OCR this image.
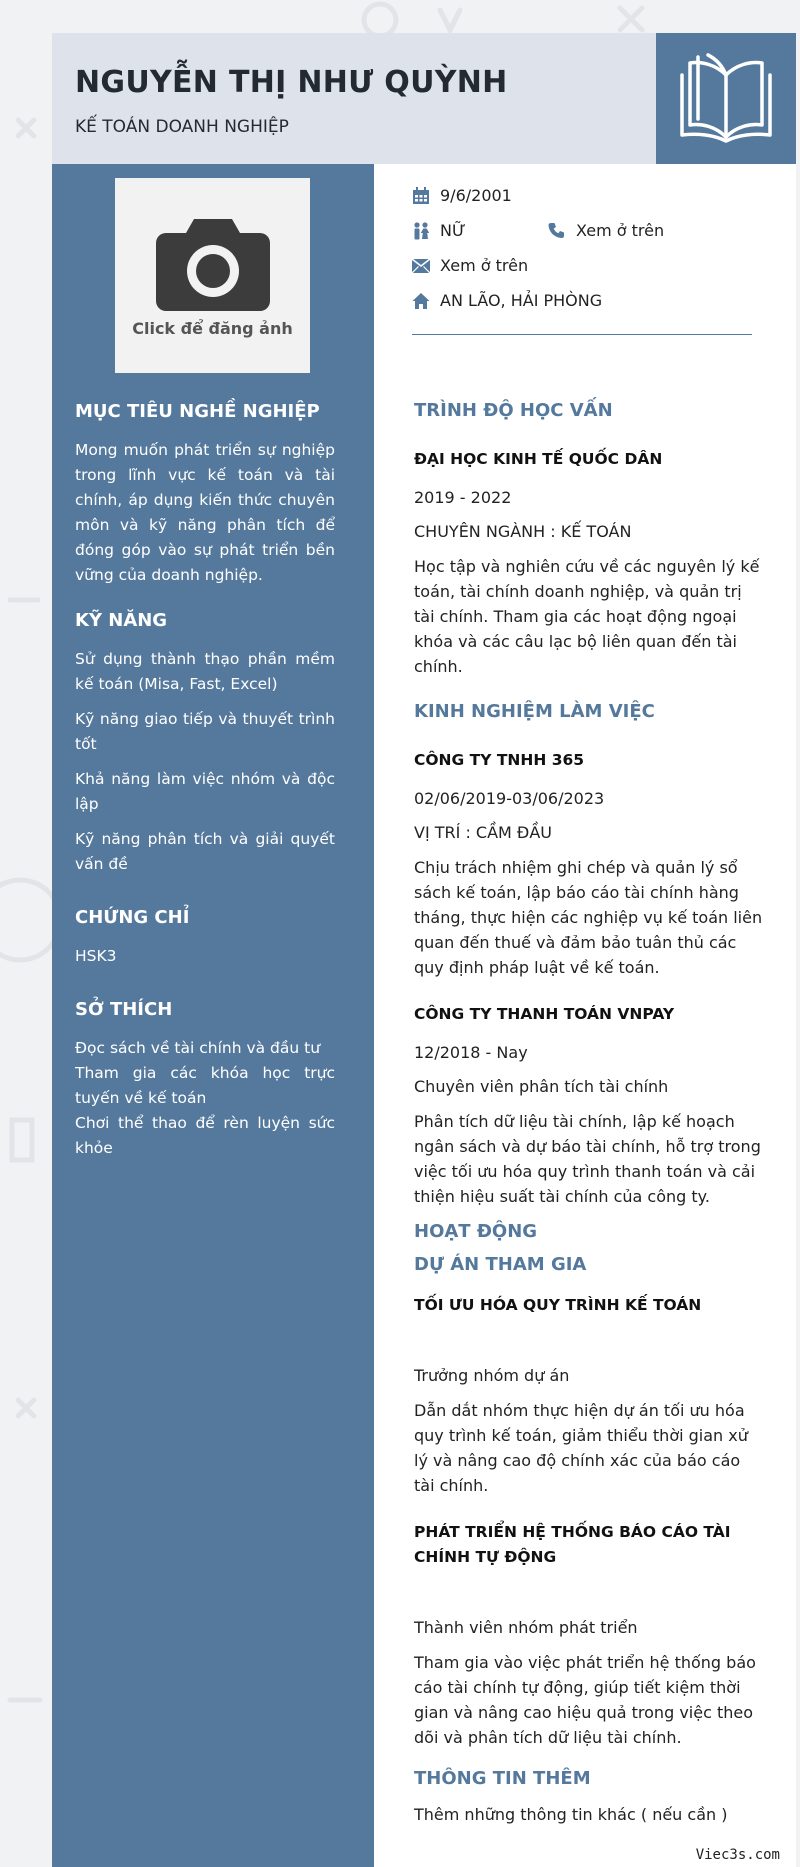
NGUYỄN THỊ NHƯ QUỲNH
KẾ TOÁN DOANH NGHIỆP
Click để đăng ảnh
MỤC TIÊU NGHỀ NGHIỆP
Mong muốn phát triển sự nghiệp trong lĩnh vực kế toán và tài chính, áp dụng kiến thức chuyên môn và kỹ năng phân tích để đóng góp vào sự phát triển bền vững của doanh nghiệp.
KỸ NĂNG
Sử dụng thành thạo phần mềm kế toán (Misa, Fast, Excel)
Kỹ năng giao tiếp và thuyết trình tốt
Khả năng làm việc nhóm và độc lập
Kỹ năng phân tích và giải quyết vấn đề
CHỨNG CHỈ
HSK3
SỞ THÍCH
Đọc sách về tài chính và đầu tư
Tham gia các khóa học trực tuyến về kế toán
Chơi thể thao để rèn luyện sức khỏe
9/6/2001
NỮ	Xem ở trên
Xem ở trên
AN LÃO, HẢI PHÒNG
TRÌNH ĐỘ HỌC VẤN
ĐẠI HỌC KINH TẾ QUỐC DÂN
2019 - 2022
CHUYÊN NGÀNH : KẾ TOÁN
Học tập và nghiên cứu về các nguyên lý kế toán, tài chính doanh nghiệp, và quản trị tài chính. Tham gia các hoạt động ngoại khóa và các câu lạc bộ liên quan đến tài chính.
KINH NGHIỆM LÀM VIỆC
CÔNG TY TNHH 365
02/06/2019-03/06/2023
VỊ TRÍ : CẦM ĐẦU
Chịu trách nhiệm ghi chép và quản lý sổ sách kế toán, lập báo cáo tài chính hàng tháng, thực hiện các nghiệp vụ kế toán liên quan đến thuế và đảm bảo tuân thủ các quy định pháp luật về kế toán.
CÔNG TY THANH TOÁN VNPAY
12/2018 - Nay
Chuyên viên phân tích tài chính
Phân tích dữ liệu tài chính, lập kế hoạch ngân sách và dự báo tài chính, hỗ trợ trong việc tối ưu hóa quy trình thanh toán và cải thiện hiệu suất tài chính của công ty.
HOẠT ĐỘNG
DỰ ÁN THAM GIA
TỐI ƯU HÓA QUY TRÌNH KẾ TOÁN
Trưởng nhóm dự án
Dẫn dắt nhóm thực hiện dự án tối ưu hóa quy trình kế toán, giảm thiểu thời gian xử lý và nâng cao độ chính xác của báo cáo tài chính.
PHÁT TRIỂN HỆ THỐNG BÁO CÁO TÀI CHÍNH TỰ ĐỘNG
Thành viên nhóm phát triển
Tham gia vào việc phát triển hệ thống báo cáo tài chính tự động, giúp tiết kiệm thời gian và nâng cao hiệu quả trong việc theo dõi và phân tích dữ liệu tài chính.
THÔNG TIN THÊM
Thêm những thông tin khác ( nếu cần )
Viec3s.com
